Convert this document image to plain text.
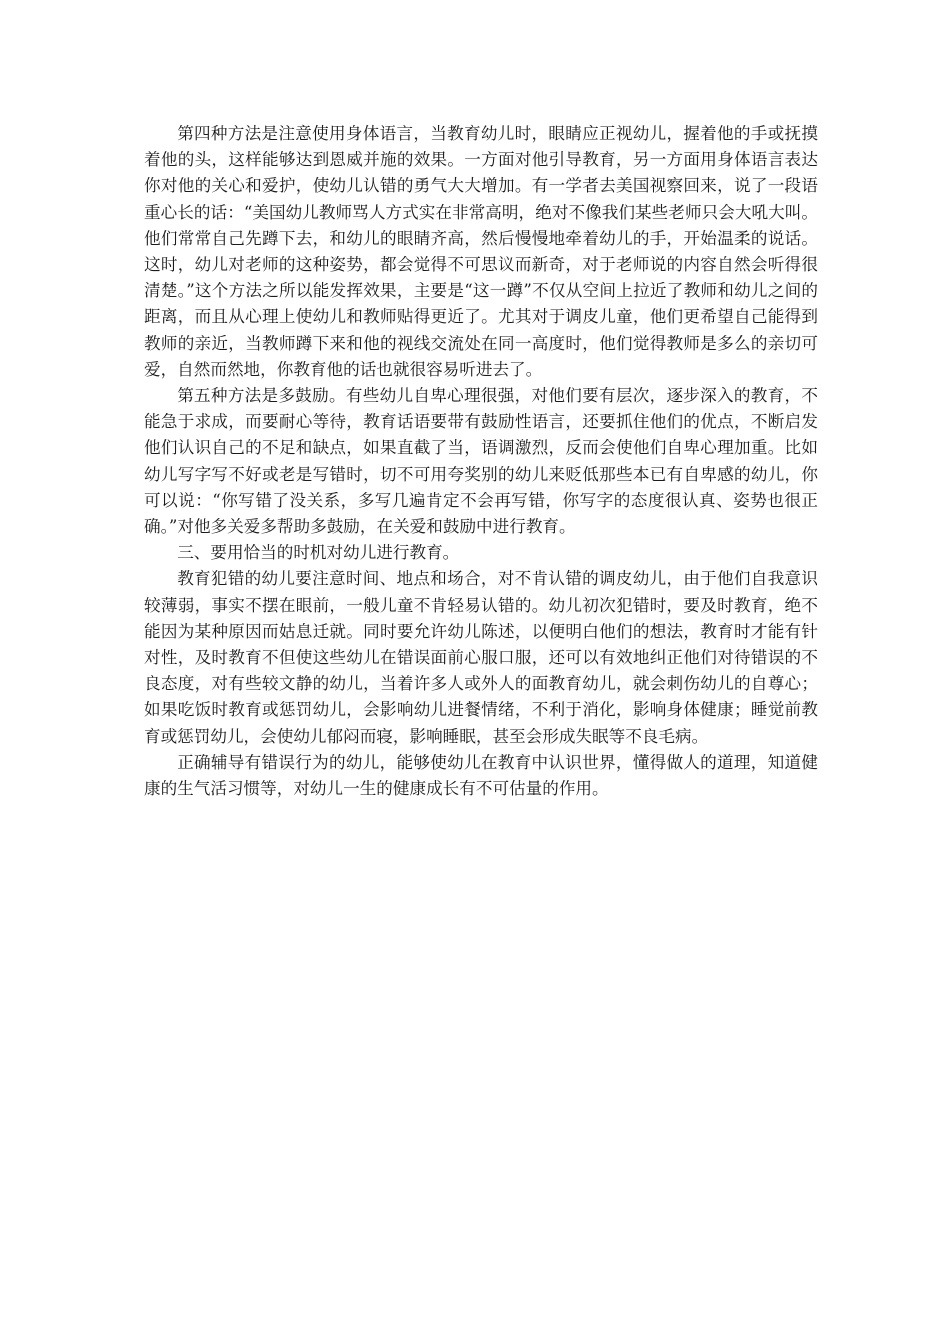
第四种方法是注意使用身体语言，当教育幼儿时，眼睛应正视幼儿，握着他的手或抚摸着他的头，这样能够达到恩威并施的效果。一方面对他引导教育，另一方面用身体语言表达你对他的关心和爱护，使幼儿认错的勇气大大增加。有一学者去美国视察回来，说了一段语重心长的话：“美国幼儿教师骂人方式实在非常高明，绝对不像我们某些老师只会大吼大叫。他们常常自己先蹲下去，和幼儿的眼睛齐高，然后慢慢地牵着幼儿的手，开始温柔的说话。这时，幼儿对老师的这种姿势，都会觉得不可思议而新奇，对于老师说的内容自然会听得很清楚。”这个方法之所以能发挥效果，主要是“这一蹲”不仅从空间上拉近了教师和幼儿之间的距离，而且从心理上使幼儿和教师贴得更近了。尤其对于调皮儿童，他们更希望自己能得到教师的亲近，当教师蹲下来和他的视线交流处在同一高度时，他们觉得教师是多么的亲切可爱，自然而然地，你教育他的话也就很容易听进去了。

第五种方法是多鼓励。有些幼儿自卑心理很强，对他们要有层次，逐步深入的教育，不能急于求成，而要耐心等待，教育话语要带有鼓励性语言，还要抓住他们的优点，不断启发他们认识自己的不足和缺点，如果直截了当，语调激烈，反而会使他们自卑心理加重。比如幼儿写字写不好或老是写错时，切不可用夸奖别的幼儿来贬低那些本已有自卑感的幼儿，你可以说：“你写错了没关系，多写几遍肯定不会再写错，你写字的态度很认真、姿势也很正确。”对他多关爱多帮助多鼓励，在关爱和鼓励中进行教育。

三、要用恰当的时机对幼儿进行教育。

教育犯错的幼儿要注意时间、地点和场合，对不肯认错的调皮幼儿，由于他们自我意识较薄弱，事实不摆在眼前，一般儿童不肯轻易认错的。幼儿初次犯错时，要及时教育，绝不能因为某种原因而姑息迁就。同时要允许幼儿陈述，以便明白他们的想法，教育时才能有针对性，及时教育不但使这些幼儿在错误面前心服口服，还可以有效地纠正他们对待错误的不良态度，对有些较文静的幼儿，当着许多人或外人的面教育幼儿，就会刺伤幼儿的自尊心；如果吃饭时教育或惩罚幼儿，会影响幼儿进餐情绪，不利于消化，影响身体健康；睡觉前教育或惩罚幼儿，会使幼儿郁闷而寝，影响睡眠，甚至会形成失眠等不良毛病。

正确辅导有错误行为的幼儿，能够使幼儿在教育中认识世界，懂得做人的道理，知道健康的生气活习惯等，对幼儿一生的健康成长有不可估量的作用。
